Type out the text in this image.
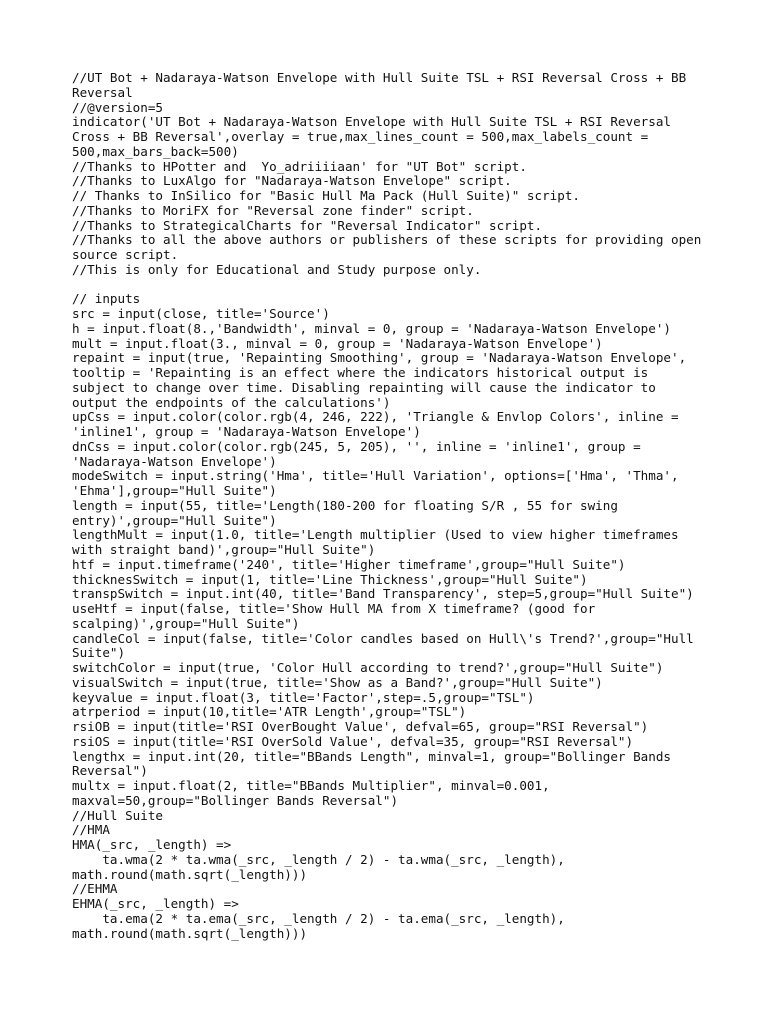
//UT Bot + Nadaraya-Watson Envelope with Hull Suite TSL + RSI Reversal Cross + BB
Reversal
//@version=5
indicator('UT Bot + Nadaraya-Watson Envelope with Hull Suite TSL + RSI Reversal
Cross + BB Reversal',overlay = true,max_lines_count = 500,max_labels_count =
500,max_bars_back=500)
//Thanks to HPotter and  Yo_adriiiiaan' for "UT Bot" script.
//Thanks to LuxAlgo for "Nadaraya-Watson Envelope" script.
// Thanks to InSilico for "Basic Hull Ma Pack (Hull Suite)" script.
//Thanks to MoriFX for "Reversal zone finder" script.
//Thanks to StrategicalCharts for "Reversal Indicator" script.
//Thanks to all the above authors or publishers of these scripts for providing open
source script.
//This is only for Educational and Study purpose only.
// inputs
src = input(close, title='Source')
h = input.float(8.,'Bandwidth', minval = 0, group = 'Nadaraya-Watson Envelope')
mult = input.float(3., minval = 0, group = 'Nadaraya-Watson Envelope')
repaint = input(true, 'Repainting Smoothing', group = 'Nadaraya-Watson Envelope',
tooltip = 'Repainting is an effect where the indicators historical output is
subject to change over time. Disabling repainting will cause the indicator to
output the endpoints of the calculations')
upCss = input.color(color.rgb(4, 246, 222), 'Triangle & Envlop Colors', inline =
'inline1', group = 'Nadaraya-Watson Envelope')
dnCss = input.color(color.rgb(245, 5, 205), '', inline = 'inline1', group =
'Nadaraya-Watson Envelope')
modeSwitch = input.string('Hma', title='Hull Variation', options=['Hma', 'Thma',
'Ehma'],group="Hull Suite")
length = input(55, title='Length(180-200 for floating S/R , 55 for swing
entry)',group="Hull Suite")
lengthMult = input(1.0, title='Length multiplier (Used to view higher timeframes
with straight band)',group="Hull Suite")
htf = input.timeframe('240', title='Higher timeframe',group="Hull Suite")
thicknesSwitch = input(1, title='Line Thickness',group="Hull Suite")
transpSwitch = input.int(40, title='Band Transparency', step=5,group="Hull Suite")
useHtf = input(false, title='Show Hull MA from X timeframe? (good for
scalping)',group="Hull Suite")
candleCol = input(false, title='Color candles based on Hull\'s Trend?',group="Hull
Suite")
switchColor = input(true, 'Color Hull according to trend?',group="Hull Suite")
visualSwitch = input(true, title='Show as a Band?',group="Hull Suite")
keyvalue = input.float(3, title='Factor',step=.5,group="TSL")
atrperiod = input(10,title='ATR Length',group="TSL")
rsiOB = input(title='RSI OverBought Value', defval=65, group="RSI Reversal")
rsiOS = input(title='RSI OverSold Value', defval=35, group="RSI Reversal")
lengthx = input.int(20, title="BBands Length", minval=1, group="Bollinger Bands
Reversal")
multx = input.float(2, title="BBands Multiplier", minval=0.001,
maxval=50,group="Bollinger Bands Reversal")
//Hull Suite
//HMA
HMA(_src, _length) =>
ta.wma(2 * ta.wma(_src, _length / 2) - ta.wma(_src, _length),
math.round(math.sqrt(_length)))
//EHMA
EHMA(_src, _length) =>
ta.ema(2 * ta.ema(_src, _length / 2) - ta.ema(_src, _length),
math.round(math.sqrt(_length)))
